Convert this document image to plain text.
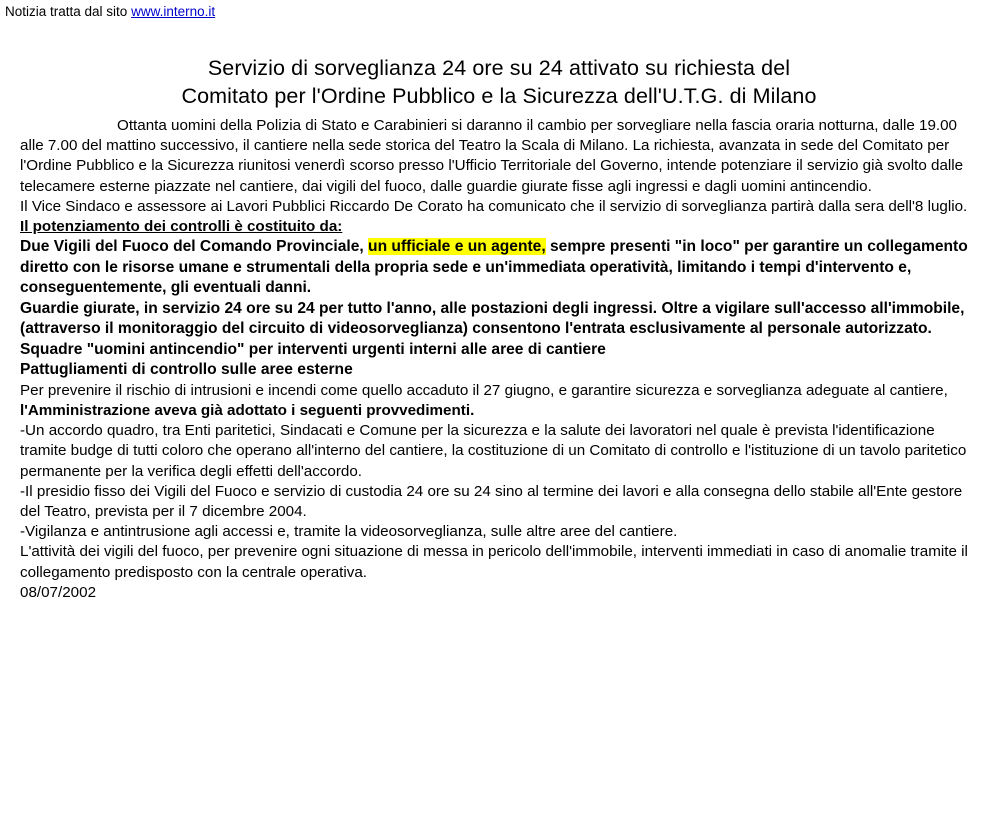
Notizia tratta dal sito www.interno.it
Servizio di sorveglianza 24 ore su 24 attivato su richiesta del
Comitato per l'Ordine Pubblico e la Sicurezza dell'U.T.G. di Milano

Ottanta uomini della Polizia di Stato e Carabinieri si daranno il cambio per sorvegliare nella fascia oraria notturna, dalle 19.00 alle 7.00 del mattino successivo, il cantiere nella sede storica del Teatro la Scala di Milano. La richiesta, avanzata in sede del Comitato per l'Ordine Pubblico e la Sicurezza riunitosi venerdì scorso presso l'Ufficio Territoriale del Governo, intende potenziare il servizio già svolto dalle telecamere esterne piazzate nel cantiere, dai vigili del fuoco, dalle guardie giurate fisse agli ingressi e dagli uomini antincendio.

Il Vice Sindaco e assessore ai Lavori Pubblici Riccardo De Corato ha comunicato che il servizio di sorveglianza partirà dalla sera dell'8 luglio.

Il potenziamento dei controlli è costituito da:

Due Vigili del Fuoco del Comando Provinciale, un ufficiale e un agente, sempre presenti "in loco" per garantire un collegamento diretto con le risorse umane e strumentali della propria sede e un'immediata operatività, limitando i tempi d'intervento e, conseguentemente, gli eventuali danni.

Guardie giurate, in servizio 24 ore su 24 per tutto l'anno, alle postazioni degli ingressi. Oltre a vigilare sull'accesso all'immobile, (attraverso il monitoraggio del circuito di videosorveglianza) consentono l'entrata esclusivamente al personale autorizzato.

Squadre "uomini antincendio" per interventi urgenti interni alle aree di cantiere

Pattugliamenti di controllo sulle aree esterne

Per prevenire il rischio di intrusioni e incendi come quello accaduto il 27 giugno, e garantire sicurezza e sorveglianza adeguate al cantiere, l'Amministrazione aveva già adottato i seguenti provvedimenti.

-Un accordo quadro, tra Enti paritetici, Sindacati e Comune per la sicurezza e la salute dei lavoratori nel quale è prevista l'identificazione tramite budge di tutti coloro che operano all'interno del cantiere, la costituzione di un Comitato di controllo e l'istituzione di un tavolo paritetico permanente per la verifica degli effetti dell'accordo.

-Il presidio fisso dei Vigili del Fuoco e servizio di custodia 24 ore su 24 sino al termine dei lavori e alla consegna dello stabile all'Ente gestore del Teatro, prevista per il 7 dicembre 2004.

-Vigilanza e antintrusione agli accessi e, tramite la videosorveglianza, sulle altre aree del cantiere.

L'attività dei vigili del fuoco, per prevenire ogni situazione di messa in pericolo dell'immobile, interventi immediati in caso di anomalie tramite il collegamento predisposto con la centrale operativa.

08/07/2002
